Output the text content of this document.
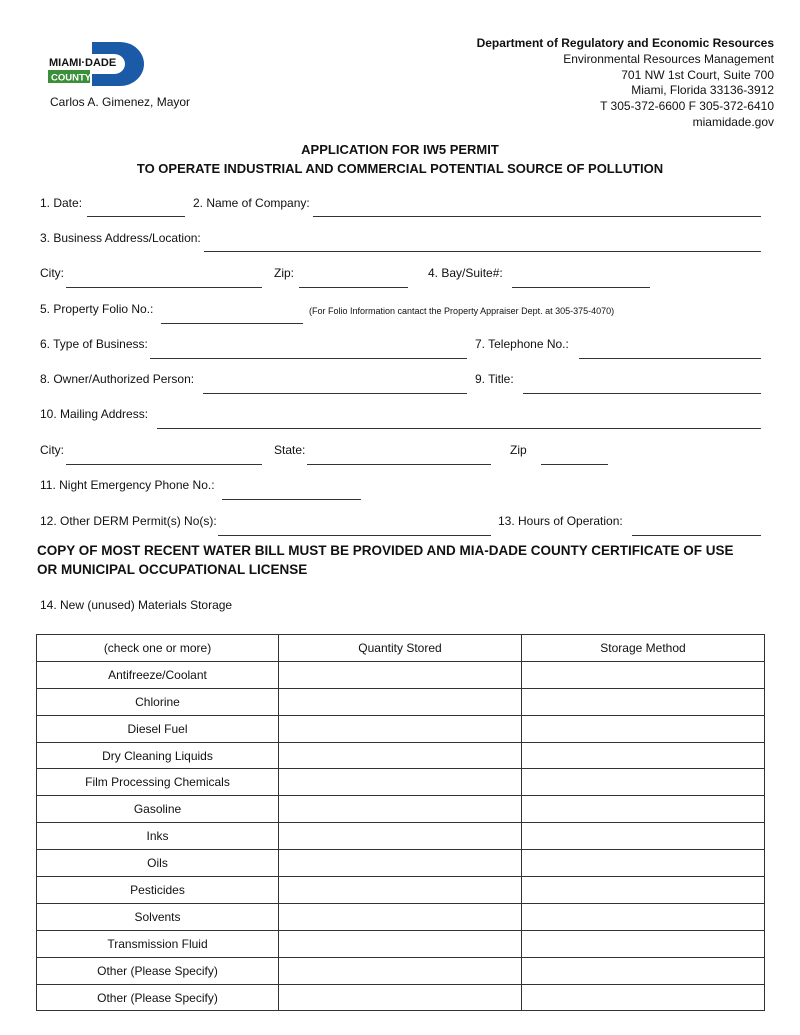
MIAMI·DADE
COUNTY
Carlos A. Gimenez, Mayor
Department of Regulatory and Economic Resources
Environmental Resources Management
701 NW 1st Court, Suite 700
Miami, Florida 33136-3912
T 305-372-6600 F 305-372-6410
miamidade.gov
APPLICATION FOR IW5 PERMIT
TO OPERATE INDUSTRIAL AND COMMERCIAL POTENTIAL SOURCE OF POLLUTION
1. Date:	2. Name of Company:
3. Business Address/Location:
City:	Zip:	4. Bay/Suite#:
5. Property Folio No.:	(For Folio Information cantact the Property Appraiser Dept. at 305-375-4070)
6. Type of Business:	7. Telephone No.:
8. Owner/Authorized Person:	9. Title:
10. Mailing Address:
City:	State:	Zip
11. Night Emergency Phone No.:
12. Other DERM Permit(s) No(s):	13. Hours of Operation:
COPY OF MOST RECENT WATER BILL MUST BE PROVIDED AND MIA-DADE COUNTY CERTIFICATE OF USE OR MUNICIPAL OCCUPATIONAL LICENSE
14. New (unused) Materials Storage
(check one or more)	Quantity Stored	Storage Method
Antifreeze/Coolant		
Chlorine		
Diesel Fuel		
Dry Cleaning Liquids		
Film Processing Chemicals		
Gasoline		
Inks		
Oils		
Pesticides		
Solvents		
Transmission Fluid		
Other (Please Specify)		
Other (Please Specify)		
